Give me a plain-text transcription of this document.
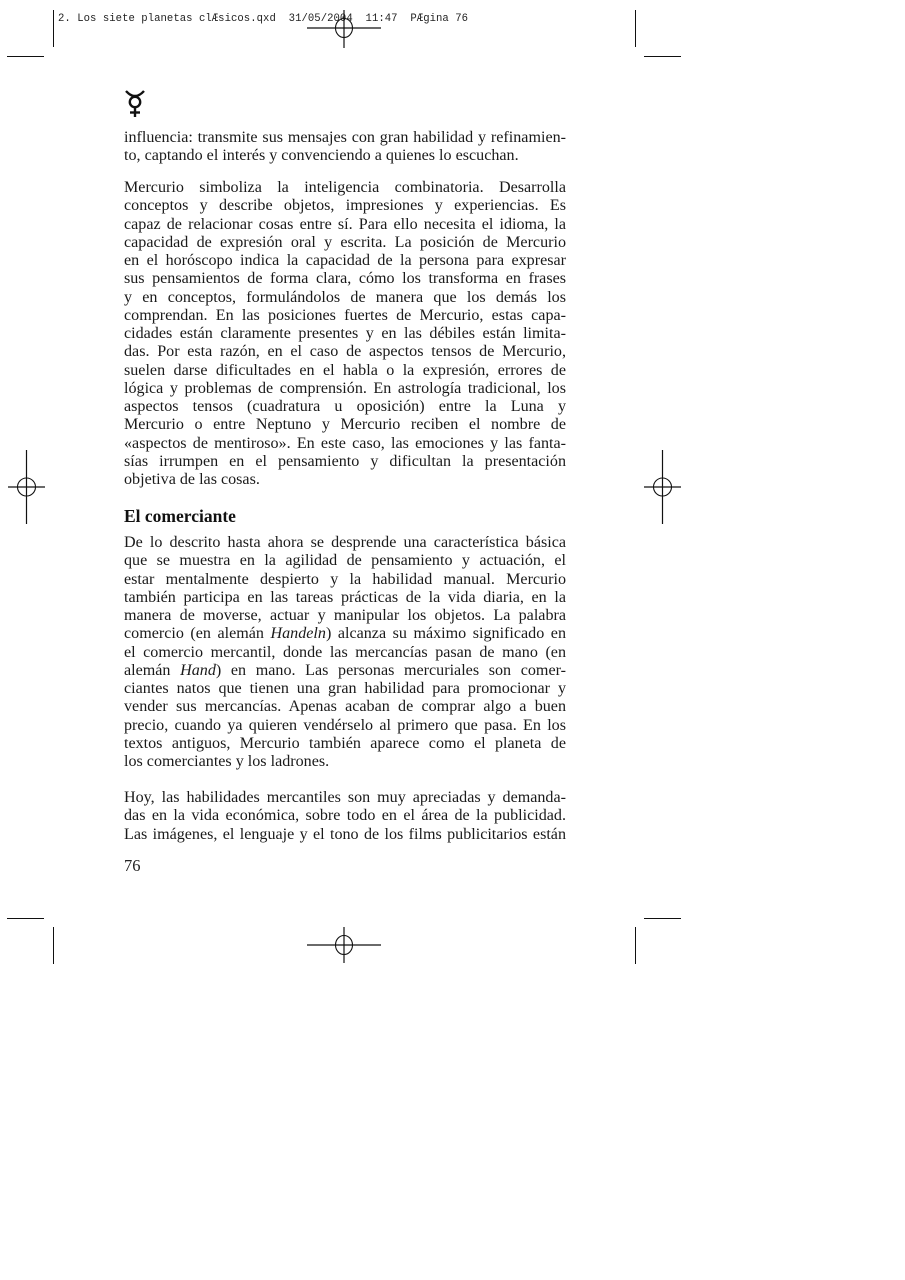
2. Los siete planetas clÆsicos.qxd  31/05/2004  11:47  PÆgina 76
influencia: transmite sus mensajes con gran habilidad y refinamien-
to, captando el interés y convenciendo a quienes lo escuchan.
Mercurio simboliza la inteligencia combinatoria. Desarrolla
conceptos y describe objetos, impresiones y experiencias. Es
capaz de relacionar cosas entre sí. Para ello necesita el idioma, la
capacidad de expresión oral y escrita. La posición de Mercurio
en el horóscopo indica la capacidad de la persona para expresar
sus pensamientos de forma clara, cómo los transforma en frases
y en conceptos, formulándolos de manera que los demás los
comprendan. En las posiciones fuertes de Mercurio, estas capa-
cidades están claramente presentes y en las débiles están limita-
das. Por esta razón, en el caso de aspectos tensos de Mercurio,
suelen darse dificultades en el habla o la expresión, errores de
lógica y problemas de comprensión. En astrología tradicional, los
aspectos tensos (cuadratura u oposición) entre la Luna y
Mercurio o entre Neptuno y Mercurio reciben el nombre de
«aspectos de mentiroso». En este caso, las emociones y las fanta-
sías irrumpen en el pensamiento y dificultan la presentación
objetiva de las cosas.
El comerciante
De lo descrito hasta ahora se desprende una característica básica
que se muestra en la agilidad de pensamiento y actuación, el
estar mentalmente despierto y la habilidad manual. Mercurio
también participa en las tareas prácticas de la vida diaria, en la
manera de moverse, actuar y manipular los objetos. La palabra
comercio (en alemán Handeln) alcanza su máximo significado en
el comercio mercantil, donde las mercancías pasan de mano (en
alemán Hand) en mano. Las personas mercuriales son comer-
ciantes natos que tienen una gran habilidad para promocionar y
vender sus mercancías. Apenas acaban de comprar algo a buen
precio, cuando ya quieren vendérselo al primero que pasa. En los
textos antiguos, Mercurio también aparece como el planeta de
los comerciantes y los ladrones.
Hoy, las habilidades mercantiles son muy apreciadas y demanda-
das en la vida económica, sobre todo en el área de la publicidad.
Las imágenes, el lenguaje y el tono de los films publicitarios están
76
